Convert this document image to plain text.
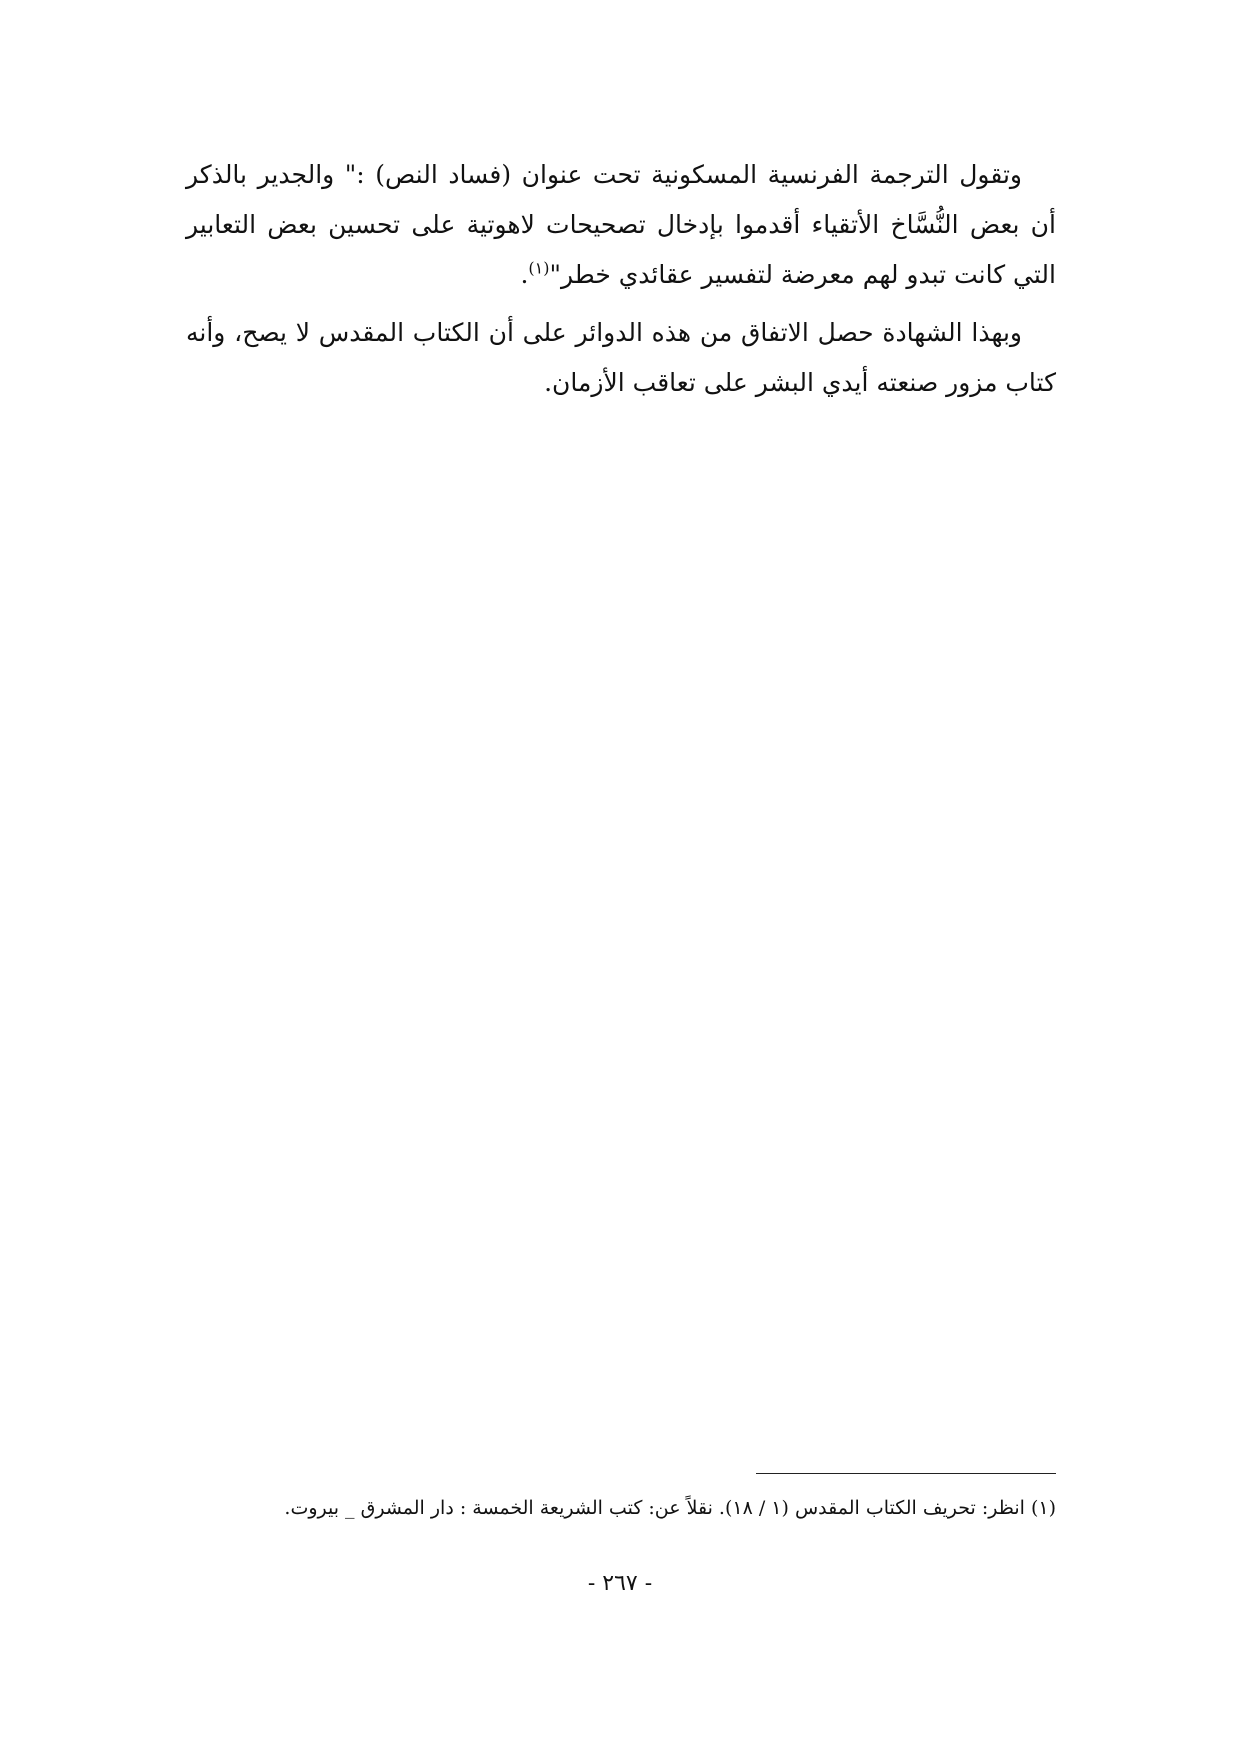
وتقول الترجمة الفرنسية المسكونية تحت عنوان (فساد النص) :" والجدير بالذكر أن بعض النُّسَّاخ الأتقياء أقدموا بإدخال تصحيحات لاهوتية على تحسين بعض التعابير التي كانت تبدو لهم معرضة لتفسير عقائدي خطر"$^{(١)}$.

وبهذا الشهادة حصل الاتفاق من هذه الدوائر على أن الكتاب المقدس لا يصح، وأنه كتاب مزور صنعته أيدي البشر على تعاقب الأزمان.

(١) انظر: تحريف الكتاب المقدس (١ / ١٨). نقلاً عن: كتب الشريعة الخمسة : دار المشرق _ بيروت.
- ٢٦٧ -
